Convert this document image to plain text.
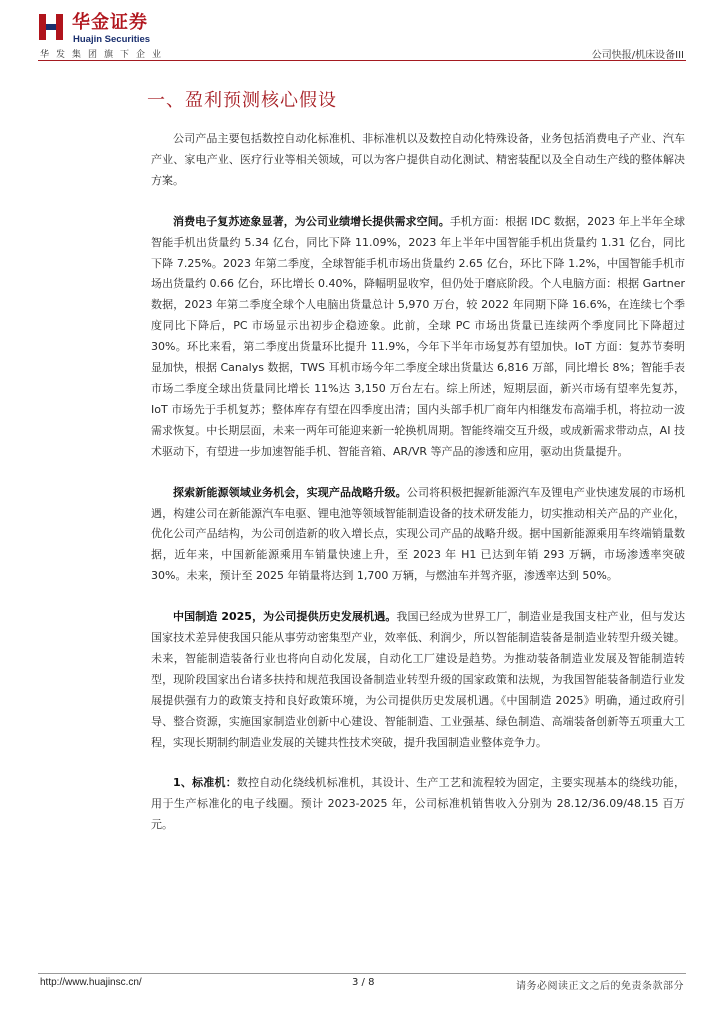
华金证券
Huajin Securities
华发集团旗下企业	公司快报/机床设备III
一、盈利预测核心假设

公司产品主要包括数控自动化标准机、非标准机以及数控自动化特殊设备，业务包括消费电子产业、汽车产业、家电产业、医疗行业等相关领域，可以为客户提供自动化测试、精密装配以及全自动生产线的整体解决方案。

消费电子复苏迹象显著，为公司业绩增长提供需求空间。手机方面：根据 IDC 数据，2023 年上半年全球智能手机出货量约 5.34 亿台，同比下降 11.09%，2023 年上半年中国智能手机出货量约 1.31 亿台，同比下降 7.25%。2023 年第二季度，全球智能手机市场出货量约 2.65 亿台，环比下降 1.2%，中国智能手机市场出货量约 0.66 亿台，环比增长 0.40%，降幅明显收窄，但仍处于磨底阶段。个人电脑方面：根据 Gartner 数据，2023 年第二季度全球个人电脑出货量总计 5,970 万台，较 2022 年同期下降 16.6%，在连续七个季度同比下降后，PC 市场显示出初步企稳迹象。此前，全球 PC 市场出货量已连续两个季度同比下降超过 30%。环比来看，第二季度出货量环比提升 11.9%，今年下半年市场复苏有望加快。IoT 方面：复苏节奏明显加快，根据 Canalys 数据，TWS 耳机市场今年二季度全球出货量达 6,816 万部，同比增长 8%；智能手表市场二季度全球出货量同比增长 11%达 3,150 万台左右。综上所述，短期层面，新兴市场有望率先复苏，IoT 市场先于手机复苏；整体库存有望在四季度出清；国内头部手机厂商年内相继发布高端手机，将拉动一波需求恢复。中长期层面，未来一两年可能迎来新一轮换机周期。智能终端交互升级，或成新需求带动点，AI 技术驱动下，有望进一步加速智能手机、智能音箱、AR/VR 等产品的渗透和应用，驱动出货量提升。

探索新能源领域业务机会，实现产品战略升级。公司将积极把握新能源汽车及锂电产业快速发展的市场机遇，构建公司在新能源汽车电驱、锂电池等领域智能制造设备的技术研发能力，切实推动相关产品的产业化，优化公司产品结构，为公司创造新的收入增长点，实现公司产品的战略升级。据中国新能源乘用车终端销量数据，近年来，中国新能源乘用车销量快速上升，至 2023 年 H1 已达到年销 293 万辆，市场渗透率突破 30%。未来，预计至 2025 年销量将达到 1,700 万辆，与燃油车并驾齐驱，渗透率达到 50%。

中国制造 2025，为公司提供历史发展机遇。我国已经成为世界工厂，制造业是我国支柱产业，但与发达国家技术差异使我国只能从事劳动密集型产业，效率低、利润少，所以智能制造装备是制造业转型升级关键。未来，智能制造装备行业也将向自动化发展，自动化工厂建设是趋势。为推动装备制造业发展及智能制造转型，现阶段国家出台诸多扶持和规范我国设备制造业转型升级的国家政策和法规，为我国智能装备制造行业发展提供强有力的政策支持和良好政策环境，为公司提供历史发展机遇。《中国制造 2025》明确，通过政府引导、整合资源，实施国家制造业创新中心建设、智能制造、工业强基、绿色制造、高端装备创新等五项重大工程，实现长期制约制造业发展的关键共性技术突破，提升我国制造业整体竞争力。

1、标准机：数控自动化绕线机标准机，其设计、生产工艺和流程较为固定，主要实现基本的绕线功能，用于生产标准化的电子线圈。预计 2023-2025 年，公司标准机销售收入分别为 28.12/36.09/48.15 百万元。

http://www.huajinsc.cn/	3 / 8	请务必阅读正文之后的免责条款部分
